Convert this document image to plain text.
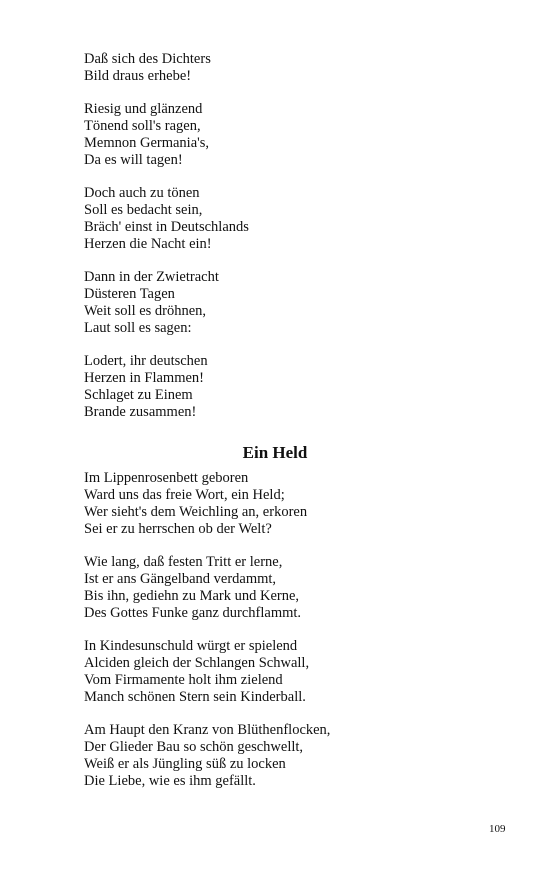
Daß sich des Dichters
Bild draus erhebe!
Riesig und glänzend
Tönend soll's ragen,
Memnon Germania's,
Da es will tagen!
Doch auch zu tönen
Soll es bedacht sein,
Bräch' einst in Deutschlands
Herzen die Nacht ein!
Dann in der Zwietracht
Düsteren Tagen
Weit soll es dröhnen,
Laut soll es sagen:
Lodert, ihr deutschen
Herzen in Flammen!
Schlaget zu Einem
Brande zusammen!
Ein Held
Im Lippenrosenbett geboren
Ward uns das freie Wort, ein Held;
Wer sieht's dem Weichling an, erkoren
Sei er zu herrschen ob der Welt?
Wie lang, daß festen Tritt er lerne,
Ist er ans Gängelband verdammt,
Bis ihn, gediehn zu Mark und Kerne,
Des Gottes Funke ganz durchflammt.
In Kindesunschuld würgt er spielend
Alciden gleich der Schlangen Schwall,
Vom Firmamente holt ihm zielend
Manch schönen Stern sein Kinderball.
Am Haupt den Kranz von Blüthenflocken,
Der Glieder Bau so schön geschwellt,
Weiß er als Jüngling süß zu locken
Die Liebe, wie es ihm gefällt.
109
